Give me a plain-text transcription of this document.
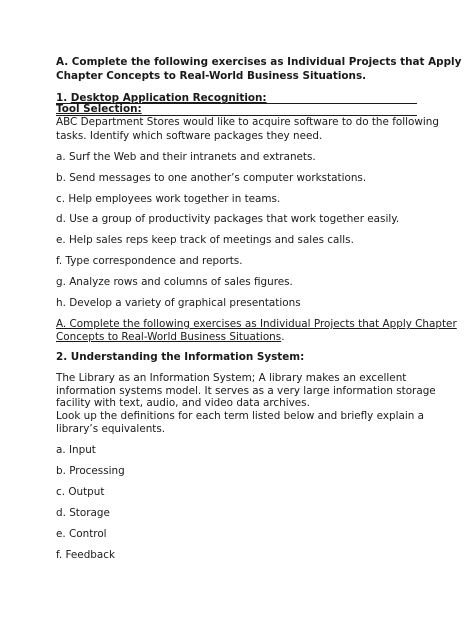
A. Complete the following exercises as Individual Projects that Apply

Chapter Concepts to Real-World Business Situations.

1. Desktop Application Recognition:

Tool Selection:

ABC Department Stores would like to acquire software to do the following

tasks. Identify which software packages they need.

a. Surf the Web and their intranets and extranets.

b. Send messages to one another’s computer workstations.

c. Help employees work together in teams.

d. Use a group of productivity packages that work together easily.

e. Help sales reps keep track of meetings and sales calls.

f. Type correspondence and reports.

g. Analyze rows and columns of sales figures.

h. Develop a variety of graphical presentations

A. Complete the following exercises as Individual Projects that Apply Chapter

Concepts to Real-World Business Situations.

2. Understanding the Information System:

The Library as an Information System; A library makes an excellent

information systems model. It serves as a very large information storage

facility with text, audio, and video data archives.

Look up the definitions for each term listed below and briefly explain a

library’s equivalents.

a. Input

b. Processing

c. Output

d. Storage

e. Control

f. Feedback
